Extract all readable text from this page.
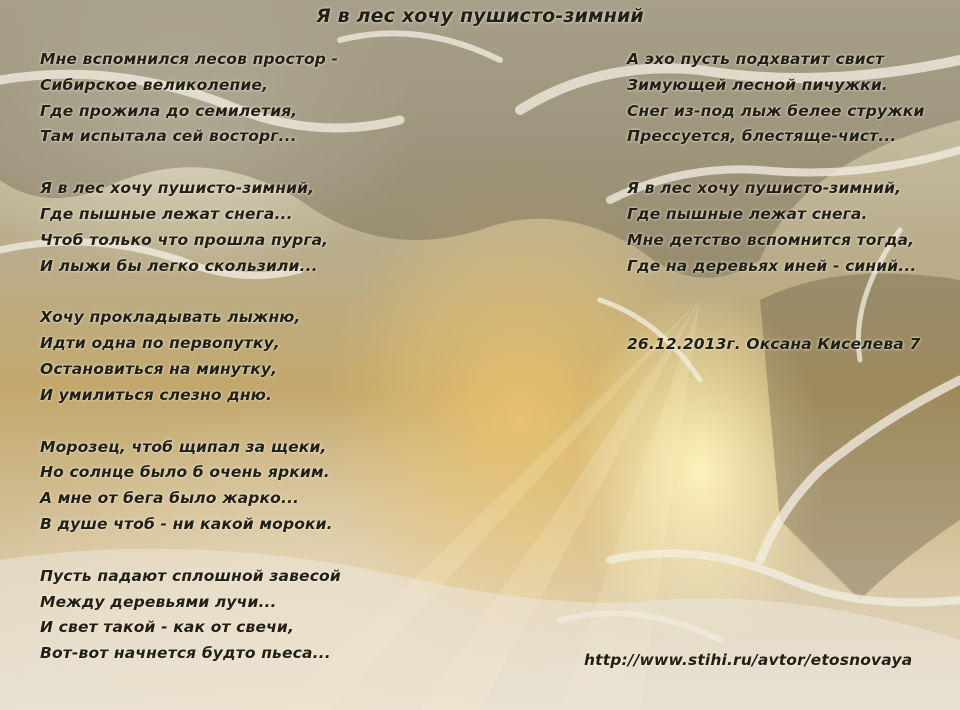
Я в лес хочу пушисто-зимний
Мне вспомнился лесов простор -
Сибирское великолепие,
Где прожила до семилетия,
Там испытала сей восторг...
Я в лес хочу пушисто-зимний,
Где пышные лежат снега...
Чтоб только что прошла пурга,
И лыжи бы легко скользили...
Хочу прокладывать лыжню,
Идти одна по первопутку,
Остановиться на минутку,
И умилиться слезно дню.
Морозец, чтоб щипал за щеки,
Но солнце было б очень ярким.
А мне от бега было жарко...
В душе чтоб - ни какой мороки.
Пусть падают сплошной завесой
Между деревьями лучи...
И свет такой - как от свечи,
Вот-вот начнется будто пьеса...
А эхо пусть подхватит свист
Зимующей лесной пичужки.
Снег из-под лыж белее стружки
Прессуется, блестяще-чист...
Я в лес хочу пушисто-зимний,
Где пышные лежат снега.
Мне детство вспомнится тогда,
Где на деревьях иней - синий...
26.12.2013г. Оксана Киселева 7
http://www.stihi.ru/avtor/etosnovaya
